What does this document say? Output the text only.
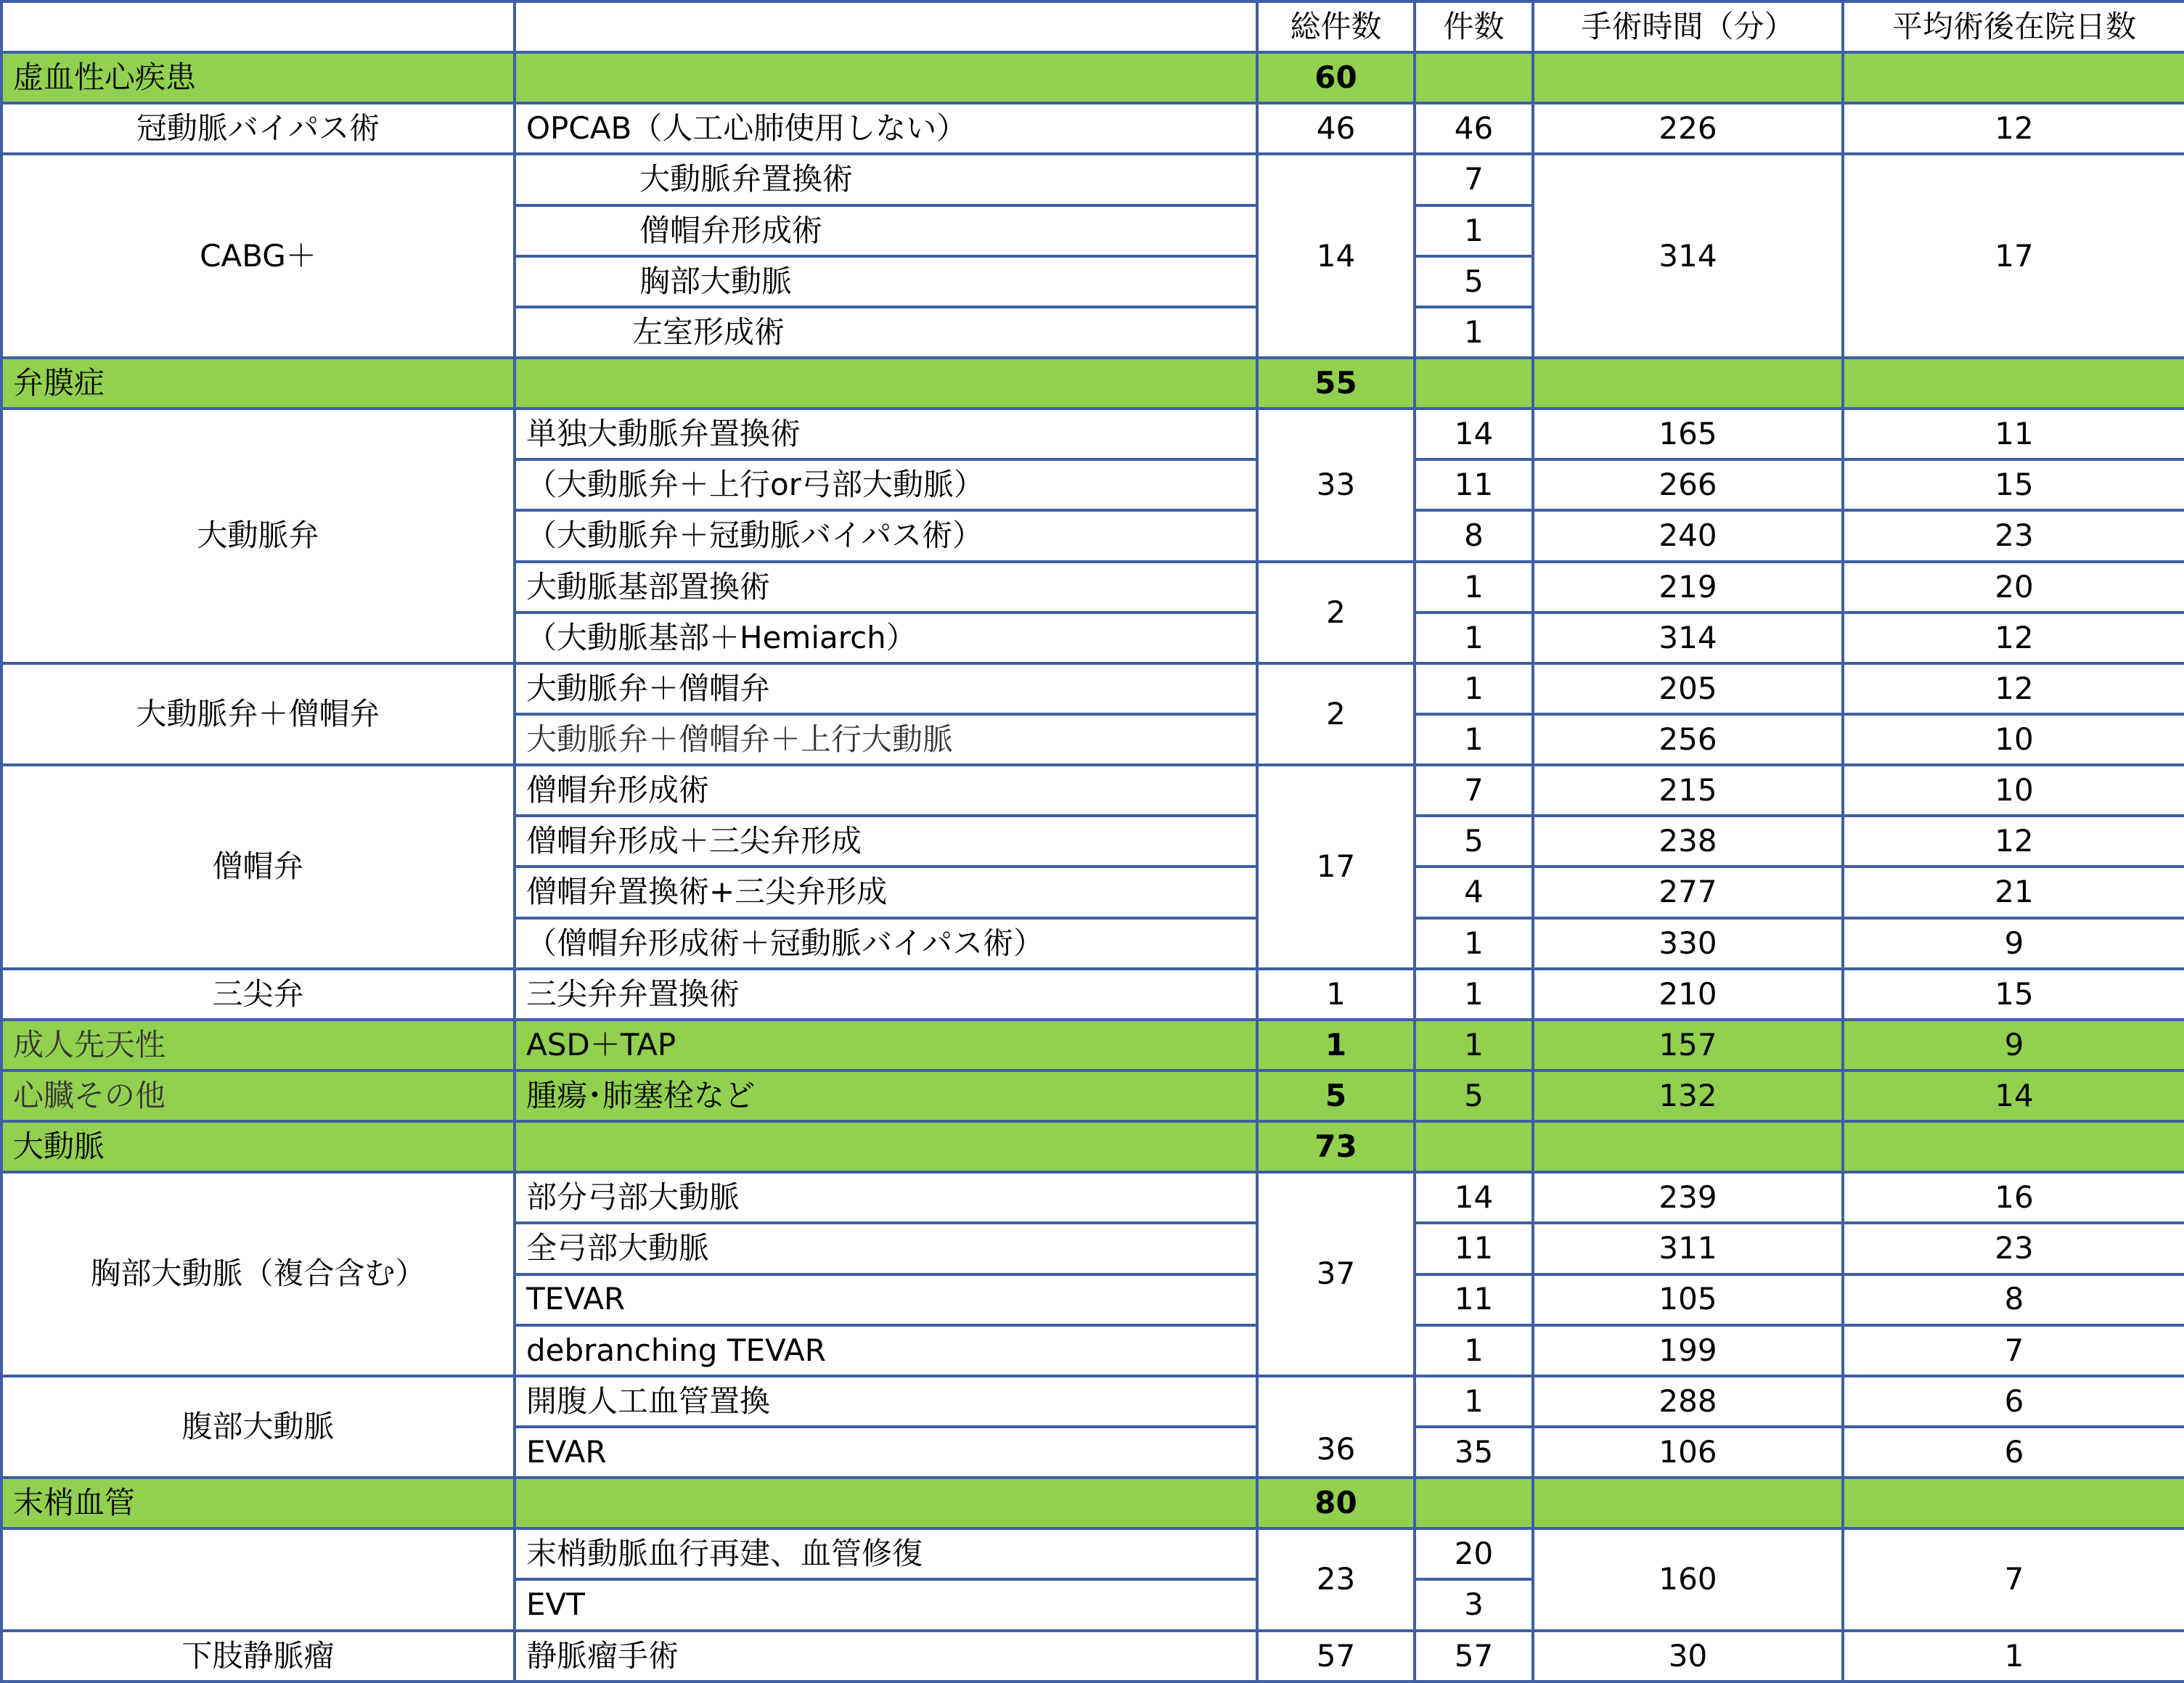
		総件数	件数	手術時間（分）	平均術後在院日数
虚血性心疾患		60			
冠動脈バイパス術	OPCAB（人工心肺使用しない）	46	46	226	12
CABG＋	大動脈弁置換術	14	7	314	17
	僧帽弁形成術		1		
	胸部大動脈		5		
	左室形成術		1		
弁膜症		55			
大動脈弁	単独大動脈弁置換術	33	14	165	11
	（大動脈弁＋上行or弓部大動脈）		11	266	15
	（大動脈弁＋冠動脈バイパス術）		8	240	23
	大動脈基部置換術	2	1	219	20
	（大動脈基部＋Hemiarch）		1	314	12
大動脈弁＋僧帽弁	大動脈弁＋僧帽弁	2	1	205	12
	大動脈弁＋僧帽弁＋上行大動脈		1	256	10
僧帽弁	僧帽弁形成術	17	7	215	10
	僧帽弁形成＋三尖弁形成		5	238	12
	僧帽弁置換術+三尖弁形成		4	277	21
	（僧帽弁形成術＋冠動脈バイパス術）		1	330	9
三尖弁	三尖弁弁置換術	1	1	210	15
成人先天性	ASD＋TAP	1	1	157	9
心臓その他	腫瘍･肺塞栓など	5	5	132	14
大動脈		73			
胸部大動脈（複合含む）	部分弓部大動脈	37	14	239	16
	全弓部大動脈		11	311	23
	TEVAR		11	105	8
	debranching TEVAR		1	199	7
腹部大動脈	開腹人工血管置換	36	1	288	6
	EVAR		35	106	6
末梢血管		80			
	末梢動脈血行再建、血管修復	23	20	160	7
	EVT		3		
下肢静脈瘤	静脈瘤手術	57	57	30	1
